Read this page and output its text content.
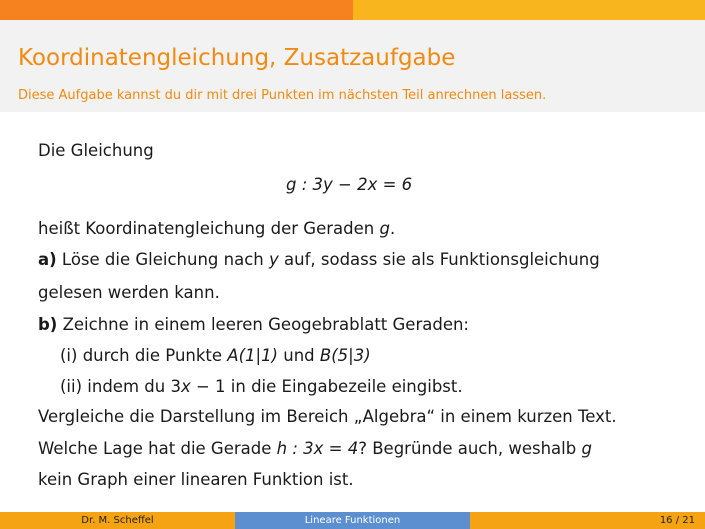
Koordinatengleichung, Zusatzaufgabe
Diese Aufgabe kannst du dir mit drei Punkten im nächsten Teil anrechnen lassen.
Die Gleichung
g : 3y − 2x = 6
heißt Koordinatengleichung der Geraden g.
a) Löse die Gleichung nach y auf, sodass sie als Funktionsgleichung
gelesen werden kann.
b) Zeichne in einem leeren Geogebrablatt Geraden:
(i) durch die Punkte A(1|1) und B(5|3)
(ii) indem du 3x − 1 in die Eingabezeile eingibst.
Vergleiche die Darstellung im Bereich „Algebra“ in einem kurzen Text.
Welche Lage hat die Gerade h : 3x = 4? Begründe auch, weshalb g
kein Graph einer linearen Funktion ist.
Dr. M. Scheffel	Lineare Funktionen	16 / 21
